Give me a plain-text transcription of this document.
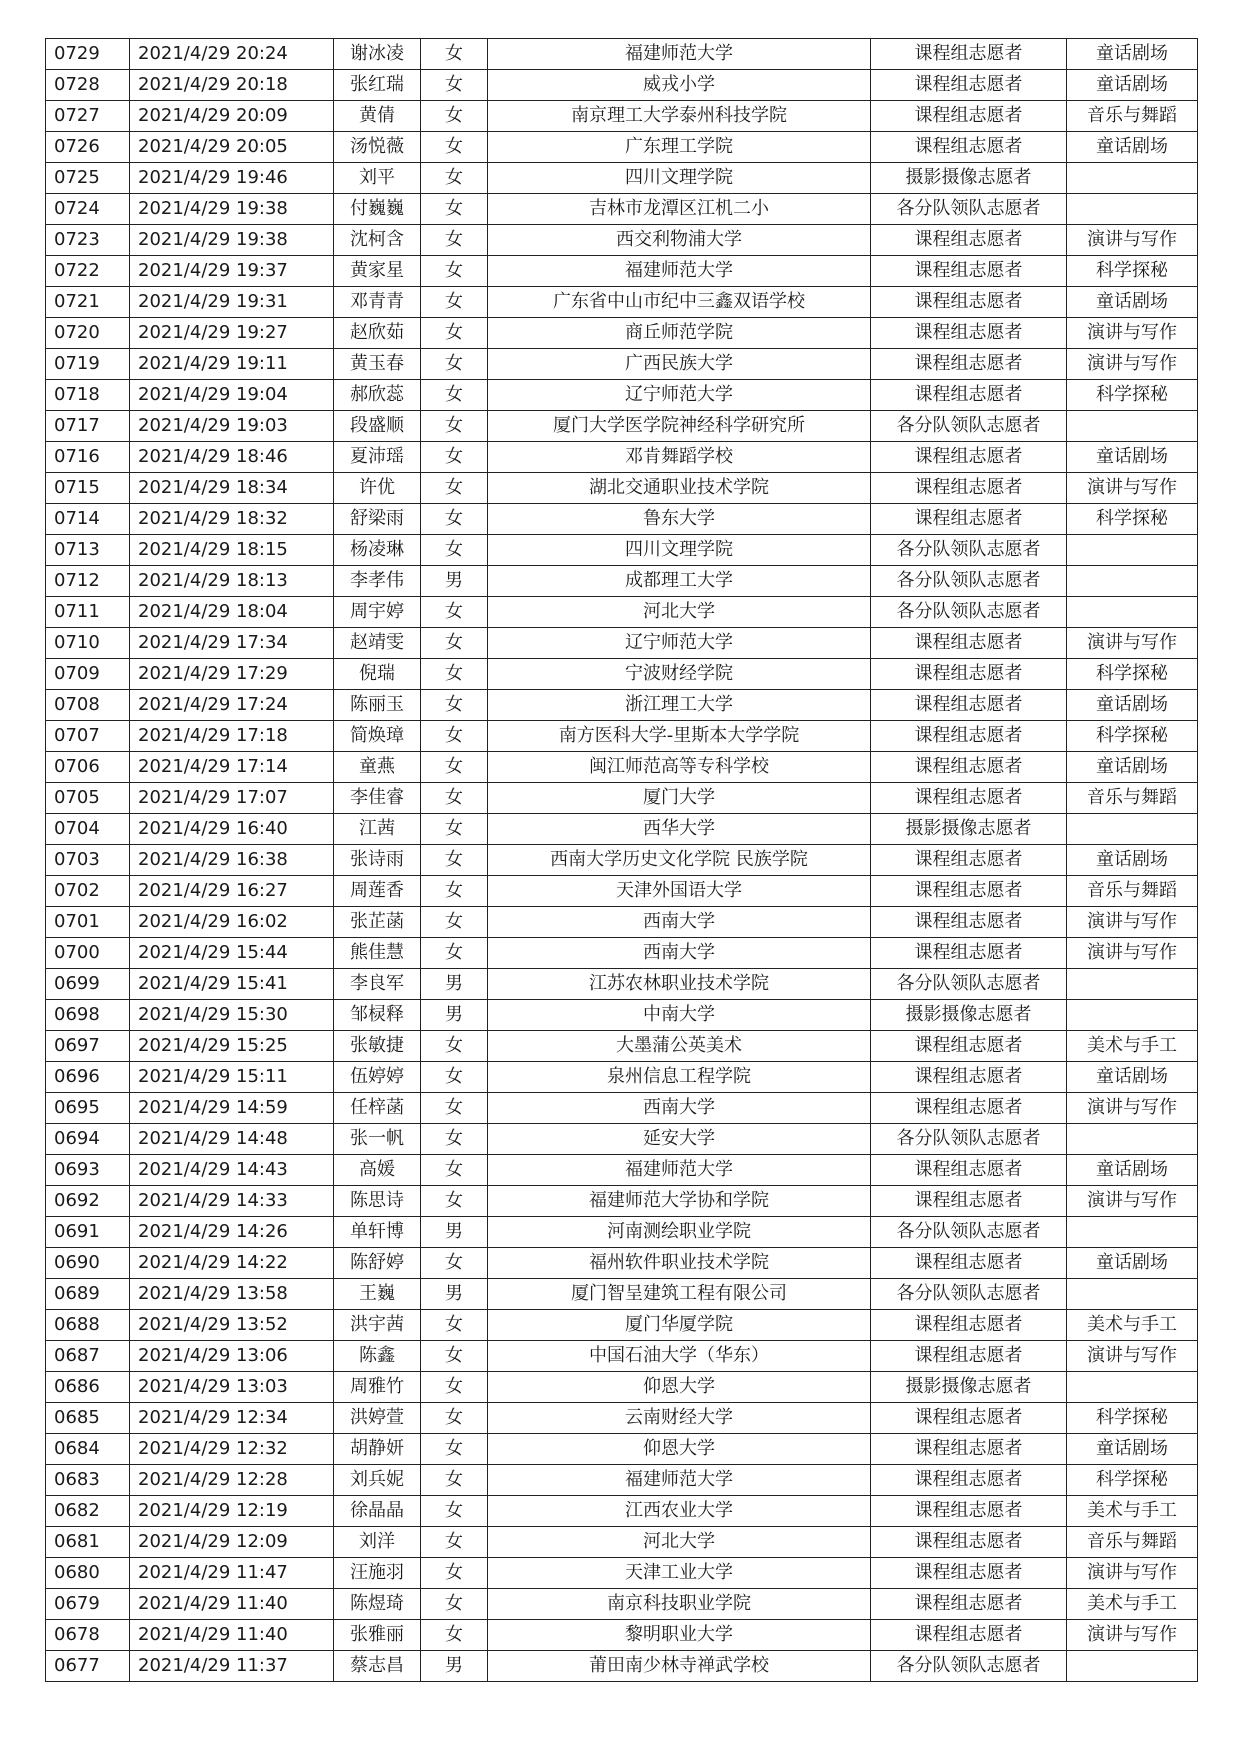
0729	2021/4/29 20:24	谢冰凌	女	福建师范大学	课程组志愿者	童话剧场
0728	2021/4/29 20:18	张红瑞	女	威戎小学	课程组志愿者	童话剧场
0727	2021/4/29 20:09	黄倩	女	南京理工大学泰州科技学院	课程组志愿者	音乐与舞蹈
0726	2021/4/29 20:05	汤悦薇	女	广东理工学院	课程组志愿者	童话剧场
0725	2021/4/29 19:46	刘平	女	四川文理学院	摄影摄像志愿者	
0724	2021/4/29 19:38	付巍巍	女	吉林市龙潭区江机二小	各分队领队志愿者	
0723	2021/4/29 19:38	沈柯含	女	西交利物浦大学	课程组志愿者	演讲与写作
0722	2021/4/29 19:37	黄家星	女	福建师范大学	课程组志愿者	科学探秘
0721	2021/4/29 19:31	邓青青	女	广东省中山市纪中三鑫双语学校	课程组志愿者	童话剧场
0720	2021/4/29 19:27	赵欣茹	女	商丘师范学院	课程组志愿者	演讲与写作
0719	2021/4/29 19:11	黄玉春	女	广西民族大学	课程组志愿者	演讲与写作
0718	2021/4/29 19:04	郝欣蕊	女	辽宁师范大学	课程组志愿者	科学探秘
0717	2021/4/29 19:03	段盛顺	女	厦门大学医学院神经科学研究所	各分队领队志愿者	
0716	2021/4/29 18:46	夏沛瑶	女	邓肯舞蹈学校	课程组志愿者	童话剧场
0715	2021/4/29 18:34	许优	女	湖北交通职业技术学院	课程组志愿者	演讲与写作
0714	2021/4/29 18:32	舒梁雨	女	鲁东大学	课程组志愿者	科学探秘
0713	2021/4/29 18:15	杨凌琳	女	四川文理学院	各分队领队志愿者	
0712	2021/4/29 18:13	李孝伟	男	成都理工大学	各分队领队志愿者	
0711	2021/4/29 18:04	周宇婷	女	河北大学	各分队领队志愿者	
0710	2021/4/29 17:34	赵靖雯	女	辽宁师范大学	课程组志愿者	演讲与写作
0709	2021/4/29 17:29	倪瑞	女	宁波财经学院	课程组志愿者	科学探秘
0708	2021/4/29 17:24	陈丽玉	女	浙江理工大学	课程组志愿者	童话剧场
0707	2021/4/29 17:18	简焕璋	女	南方医科大学-里斯本大学学院	课程组志愿者	科学探秘
0706	2021/4/29 17:14	童燕	女	闽江师范高等专科学校	课程组志愿者	童话剧场
0705	2021/4/29 17:07	李佳睿	女	厦门大学	课程组志愿者	音乐与舞蹈
0704	2021/4/29 16:40	江茜	女	西华大学	摄影摄像志愿者	
0703	2021/4/29 16:38	张诗雨	女	西南大学历史文化学院 民族学院	课程组志愿者	童话剧场
0702	2021/4/29 16:27	周莲香	女	天津外国语大学	课程组志愿者	音乐与舞蹈
0701	2021/4/29 16:02	张芷菡	女	西南大学	课程组志愿者	演讲与写作
0700	2021/4/29 15:44	熊佳慧	女	西南大学	课程组志愿者	演讲与写作
0699	2021/4/29 15:41	李良军	男	江苏农林职业技术学院	各分队领队志愿者	
0698	2021/4/29 15:30	邹棂释	男	中南大学	摄影摄像志愿者	
0697	2021/4/29 15:25	张敏捷	女	大墨蒲公英美术	课程组志愿者	美术与手工
0696	2021/4/29 15:11	伍婷婷	女	泉州信息工程学院	课程组志愿者	童话剧场
0695	2021/4/29 14:59	任梓菡	女	西南大学	课程组志愿者	演讲与写作
0694	2021/4/29 14:48	张一帆	女	延安大学	各分队领队志愿者	
0693	2021/4/29 14:43	高媛	女	福建师范大学	课程组志愿者	童话剧场
0692	2021/4/29 14:33	陈思诗	女	福建师范大学协和学院	课程组志愿者	演讲与写作
0691	2021/4/29 14:26	单轩博	男	河南测绘职业学院	各分队领队志愿者	
0690	2021/4/29 14:22	陈舒婷	女	福州软件职业技术学院	课程组志愿者	童话剧场
0689	2021/4/29 13:58	王巍	男	厦门智呈建筑工程有限公司	各分队领队志愿者	
0688	2021/4/29 13:52	洪宇茜	女	厦门华厦学院	课程组志愿者	美术与手工
0687	2021/4/29 13:06	陈鑫	女	中国石油大学（华东）	课程组志愿者	演讲与写作
0686	2021/4/29 13:03	周雅竹	女	仰恩大学	摄影摄像志愿者	
0685	2021/4/29 12:34	洪婷萱	女	云南财经大学	课程组志愿者	科学探秘
0684	2021/4/29 12:32	胡静妍	女	仰恩大学	课程组志愿者	童话剧场
0683	2021/4/29 12:28	刘兵妮	女	福建师范大学	课程组志愿者	科学探秘
0682	2021/4/29 12:19	徐晶晶	女	江西农业大学	课程组志愿者	美术与手工
0681	2021/4/29 12:09	刘洋	女	河北大学	课程组志愿者	音乐与舞蹈
0680	2021/4/29 11:47	汪施羽	女	天津工业大学	课程组志愿者	演讲与写作
0679	2021/4/29 11:40	陈煜琦	女	南京科技职业学院	课程组志愿者	美术与手工
0678	2021/4/29 11:40	张雅丽	女	黎明职业大学	课程组志愿者	演讲与写作
0677	2021/4/29 11:37	蔡志昌	男	莆田南少林寺禅武学校	各分队领队志愿者	
